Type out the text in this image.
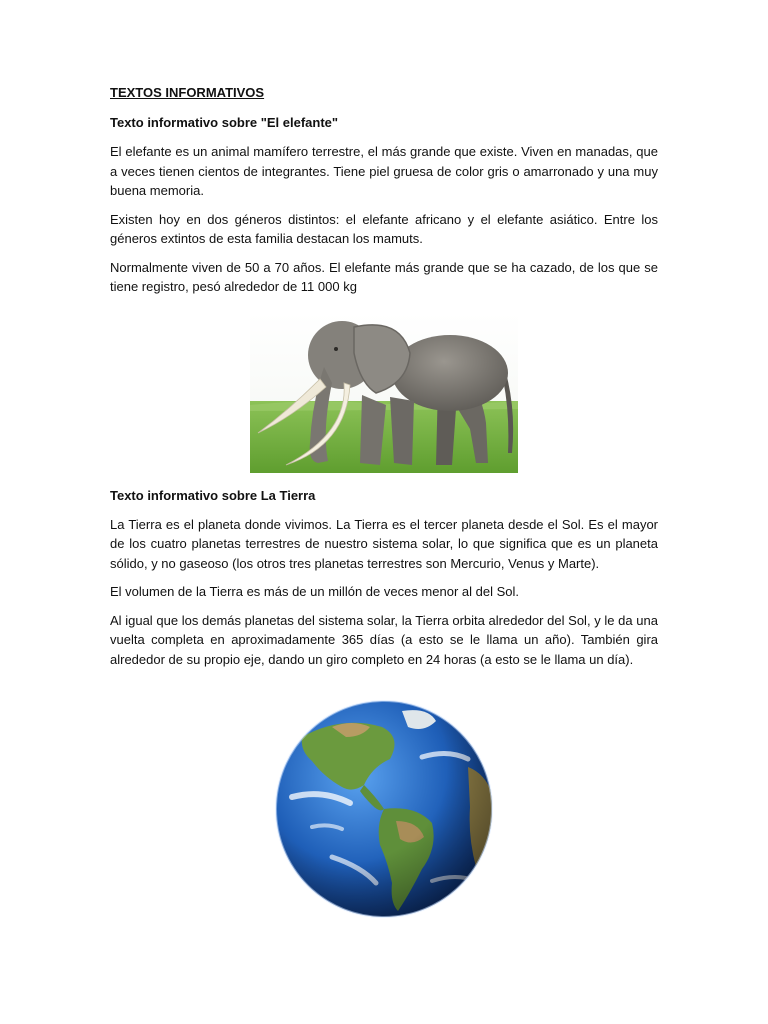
TEXTOS INFORMATIVOS
Texto informativo sobre "El elefante"

El elefante es un animal mamífero terrestre, el más grande que existe. Viven en manadas, que a veces tienen cientos de integrantes. Tiene piel gruesa de color gris o amarronado y una muy buena memoria.

Existen hoy en dos géneros distintos: el elefante africano y el elefante asiático. Entre los géneros extintos de esta familia destacan los mamuts.

Normalmente viven de 50 a 70 años. El elefante más grande que se ha cazado, de los que se tiene registro, pesó alrededor de 11 000 kg

Texto informativo sobre La Tierra

La Tierra es el planeta donde vivimos. La Tierra es el tercer planeta desde el Sol. Es el mayor de los cuatro planetas terrestres de nuestro sistema solar, lo que significa que es un planeta sólido, y no gaseoso (los otros tres planetas terrestres son Mercurio, Venus y Marte).

El volumen de la Tierra es más de un millón de veces menor al del Sol.

Al igual que los demás planetas del sistema solar, la Tierra orbita alrededor del Sol, y le da una vuelta completa en aproximadamente 365 días (a esto se le llama un año). También gira alrededor de su propio eje, dando un giro completo en 24 horas (a esto se le llama un día).
